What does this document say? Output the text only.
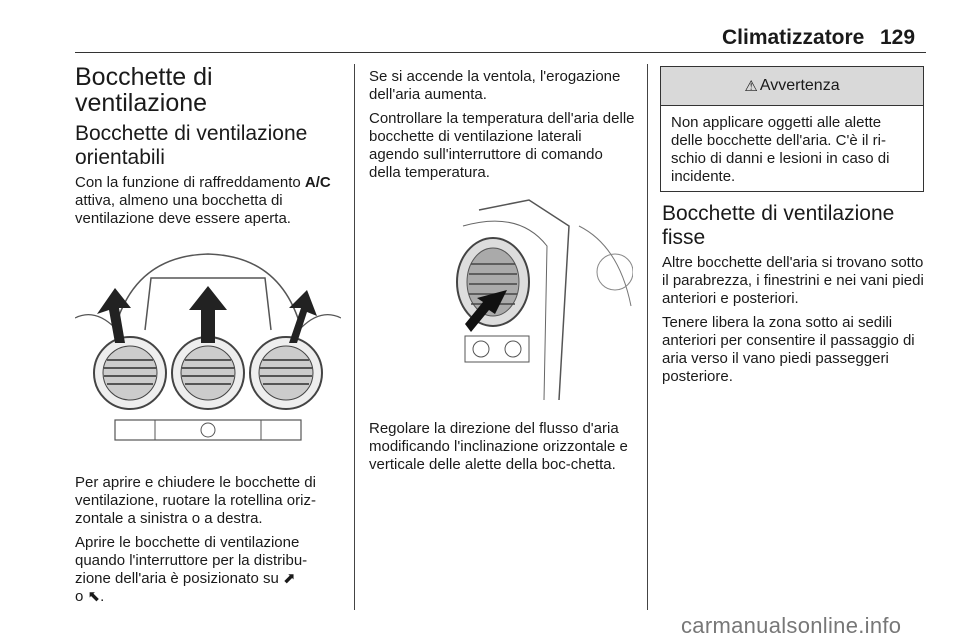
Climatizzatore 129
Bocchette di ventilazione
Bocchette di ventilazione orientabili

Con la funzione di raffreddamento A/C attiva, almeno una bocchetta di ventilazione deve essere aperta.

Per aprire e chiudere le bocchette di ventilazione, ruotare la rotellina oriz-zontale a sinistra o a destra.

Aprire le bocchette di ventilazione quando l'interruttore per la distribu-zione dell'aria è posizionato su ⬈
o ⬉.

Se si accende la ventola, l'erogazione dell'aria aumenta.

Controllare la temperatura dell'aria delle bocchette di ventilazione laterali agendo sull'interruttore di comando della temperatura.

Regolare la direzione del flusso d'aria modificando l'inclinazione orizzontale e verticale delle alette della boc-chetta.

⚠ Avvertenza
Non applicare oggetti alle alette delle bocchette dell'aria. C'è il ri-schio di danni e lesioni in caso di incidente.
Bocchette di ventilazione fisse

Altre bocchette dell'aria si trovano sotto il parabrezza, i finestrini e nei vani piedi anteriori e posteriori.

Tenere libera la zona sotto ai sedili anteriori per consentire il passaggio di aria verso il vano piedi passeggeri posteriore.

carmanualsonline.info
